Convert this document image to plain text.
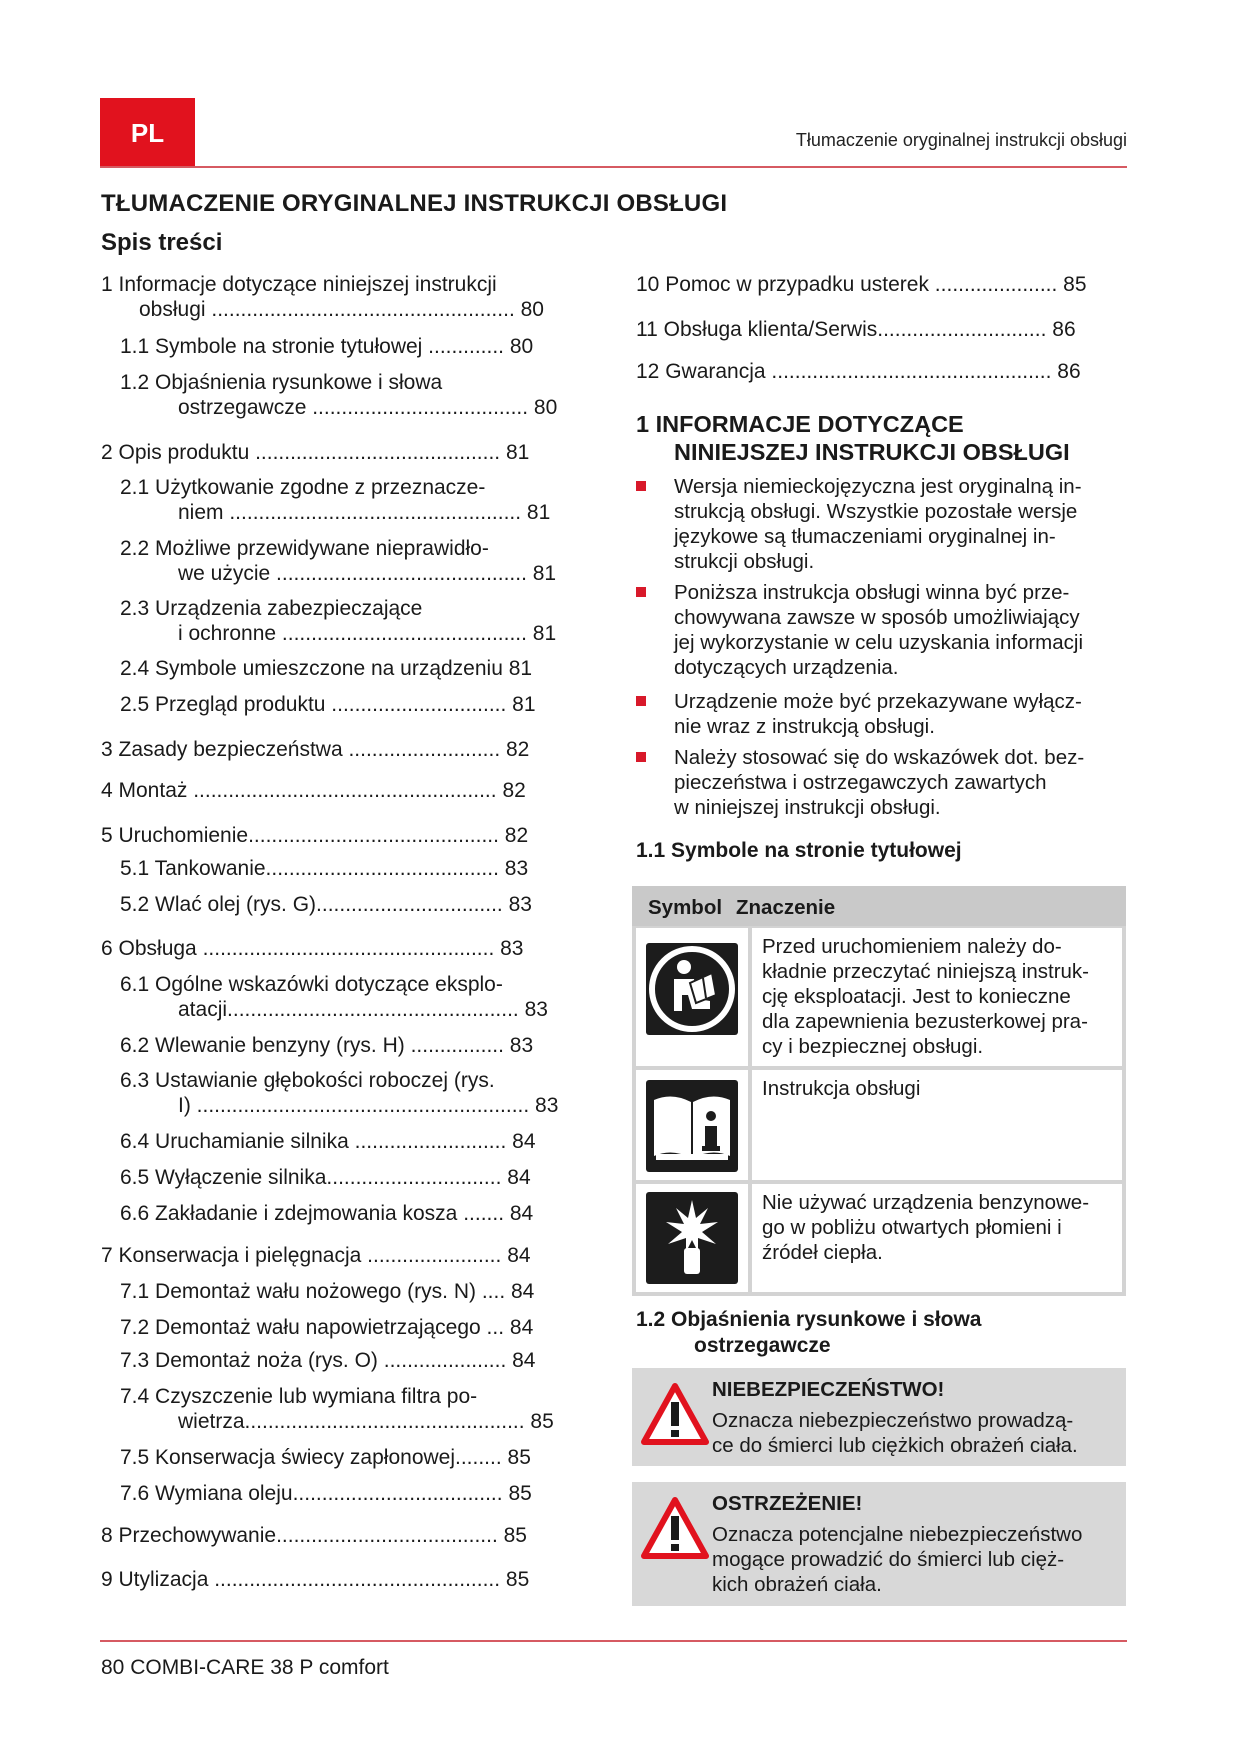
PL	Tłumaczenie oryginalnej instrukcji obsługi
TŁUMACZENIE ORYGINALNEJ INSTRUKCJI OBSŁUGI
Spis treści
1 Informacje dotyczące niniejszej instrukcji
obsługi .................................................... 80
1.1 Symbole na stronie tytułowej ............. 80
1.2 Objaśnienia rysunkowe i słowa
ostrzegawcze ..................................... 80
2 Opis produktu .......................................... 81
2.1 Użytkowanie zgodne z przeznacze-
niem .................................................. 81
2.2 Możliwe przewidywane nieprawidło-
we użycie ........................................... 81
2.3 Urządzenia zabezpieczające
i ochronne .......................................... 81
2.4 Symbole umieszczone na urządzeniu 81
2.5 Przegląd produktu .............................. 81
3 Zasady bezpieczeństwa .......................... 82
4 Montaż .................................................... 82
5 Uruchomienie........................................... 82
5.1 Tankowanie........................................ 83
5.2 Wlać olej (rys. G)................................ 83
6 Obsługa .................................................. 83
6.1 Ogólne wskazówki dotyczące eksplo-
atacji.................................................. 83
6.2 Wlewanie benzyny (rys. H) ................ 83
6.3 Ustawianie głębokości roboczej (rys.
I) ......................................................... 83
6.4 Uruchamianie silnika .......................... 84
6.5 Wyłączenie silnika.............................. 84
6.6 Zakładanie i zdejmowania kosza ....... 84
7 Konserwacja i pielęgnacja ....................... 84
7.1 Demontaż wału nożowego (rys. N) .... 84
7.2 Demontaż wału napowietrzającego ... 84
7.3 Demontaż noża (rys. O) ..................... 84
7.4 Czyszczenie lub wymiana filtra po-
wietrza................................................ 85
7.5 Konserwacja świecy zapłonowej........ 85
7.6 Wymiana oleju.................................... 85
8 Przechowywanie...................................... 85
9 Utylizacja ................................................. 85
10 Pomoc w przypadku usterek ..................... 85
11 Obsługa klienta/Serwis............................. 86
12 Gwarancja ................................................ 86
1 INFORMACJE DOTYCZĄCE
NINIEJSZEJ INSTRUKCJI OBSŁUGI
Wersja niemieckojęzyczna jest oryginalną in-
strukcją obsługi. Wszystkie pozostałe wersje
językowe są tłumaczeniami oryginalnej in-
strukcji obsługi.
Poniższa instrukcja obsługi winna być prze-
chowywana zawsze w sposób umożliwiający
jej wykorzystanie w celu uzyskania informacji
dotyczących urządzenia.
Urządzenie może być przekazywane wyłącz-
nie wraz z instrukcją obsługi.
Należy stosować się do wskazówek dot. bez-
pieczeństwa i ostrzegawczych zawartych
w niniejszej instrukcji obsługi.
1.1 Symbole na stronie tytułowej
Symbol Znaczenie
Przed uruchomieniem należy do-
kładnie przeczytać niniejszą instruk-
cję eksploatacji. Jest to konieczne
dla zapewnienia bezusterkowej pra-
cy i bezpiecznej obsługi.
Instrukcja obsługi
Nie używać urządzenia benzynowe-
go w pobliżu otwartych płomieni i
źródeł ciepła.
1.2 Objaśnienia rysunkowe i słowa
ostrzegawcze
NIEBEZPIECZEŃSTWO!
Oznacza niebezpieczeństwo prowadzą-
ce do śmierci lub ciężkich obrażeń ciała.
OSTRZEŻENIE!
Oznacza potencjalne niebezpieczeństwo
mogące prowadzić do śmierci lub cięż-
kich obrażeń ciała.
80 COMBI-CARE 38 P comfort
